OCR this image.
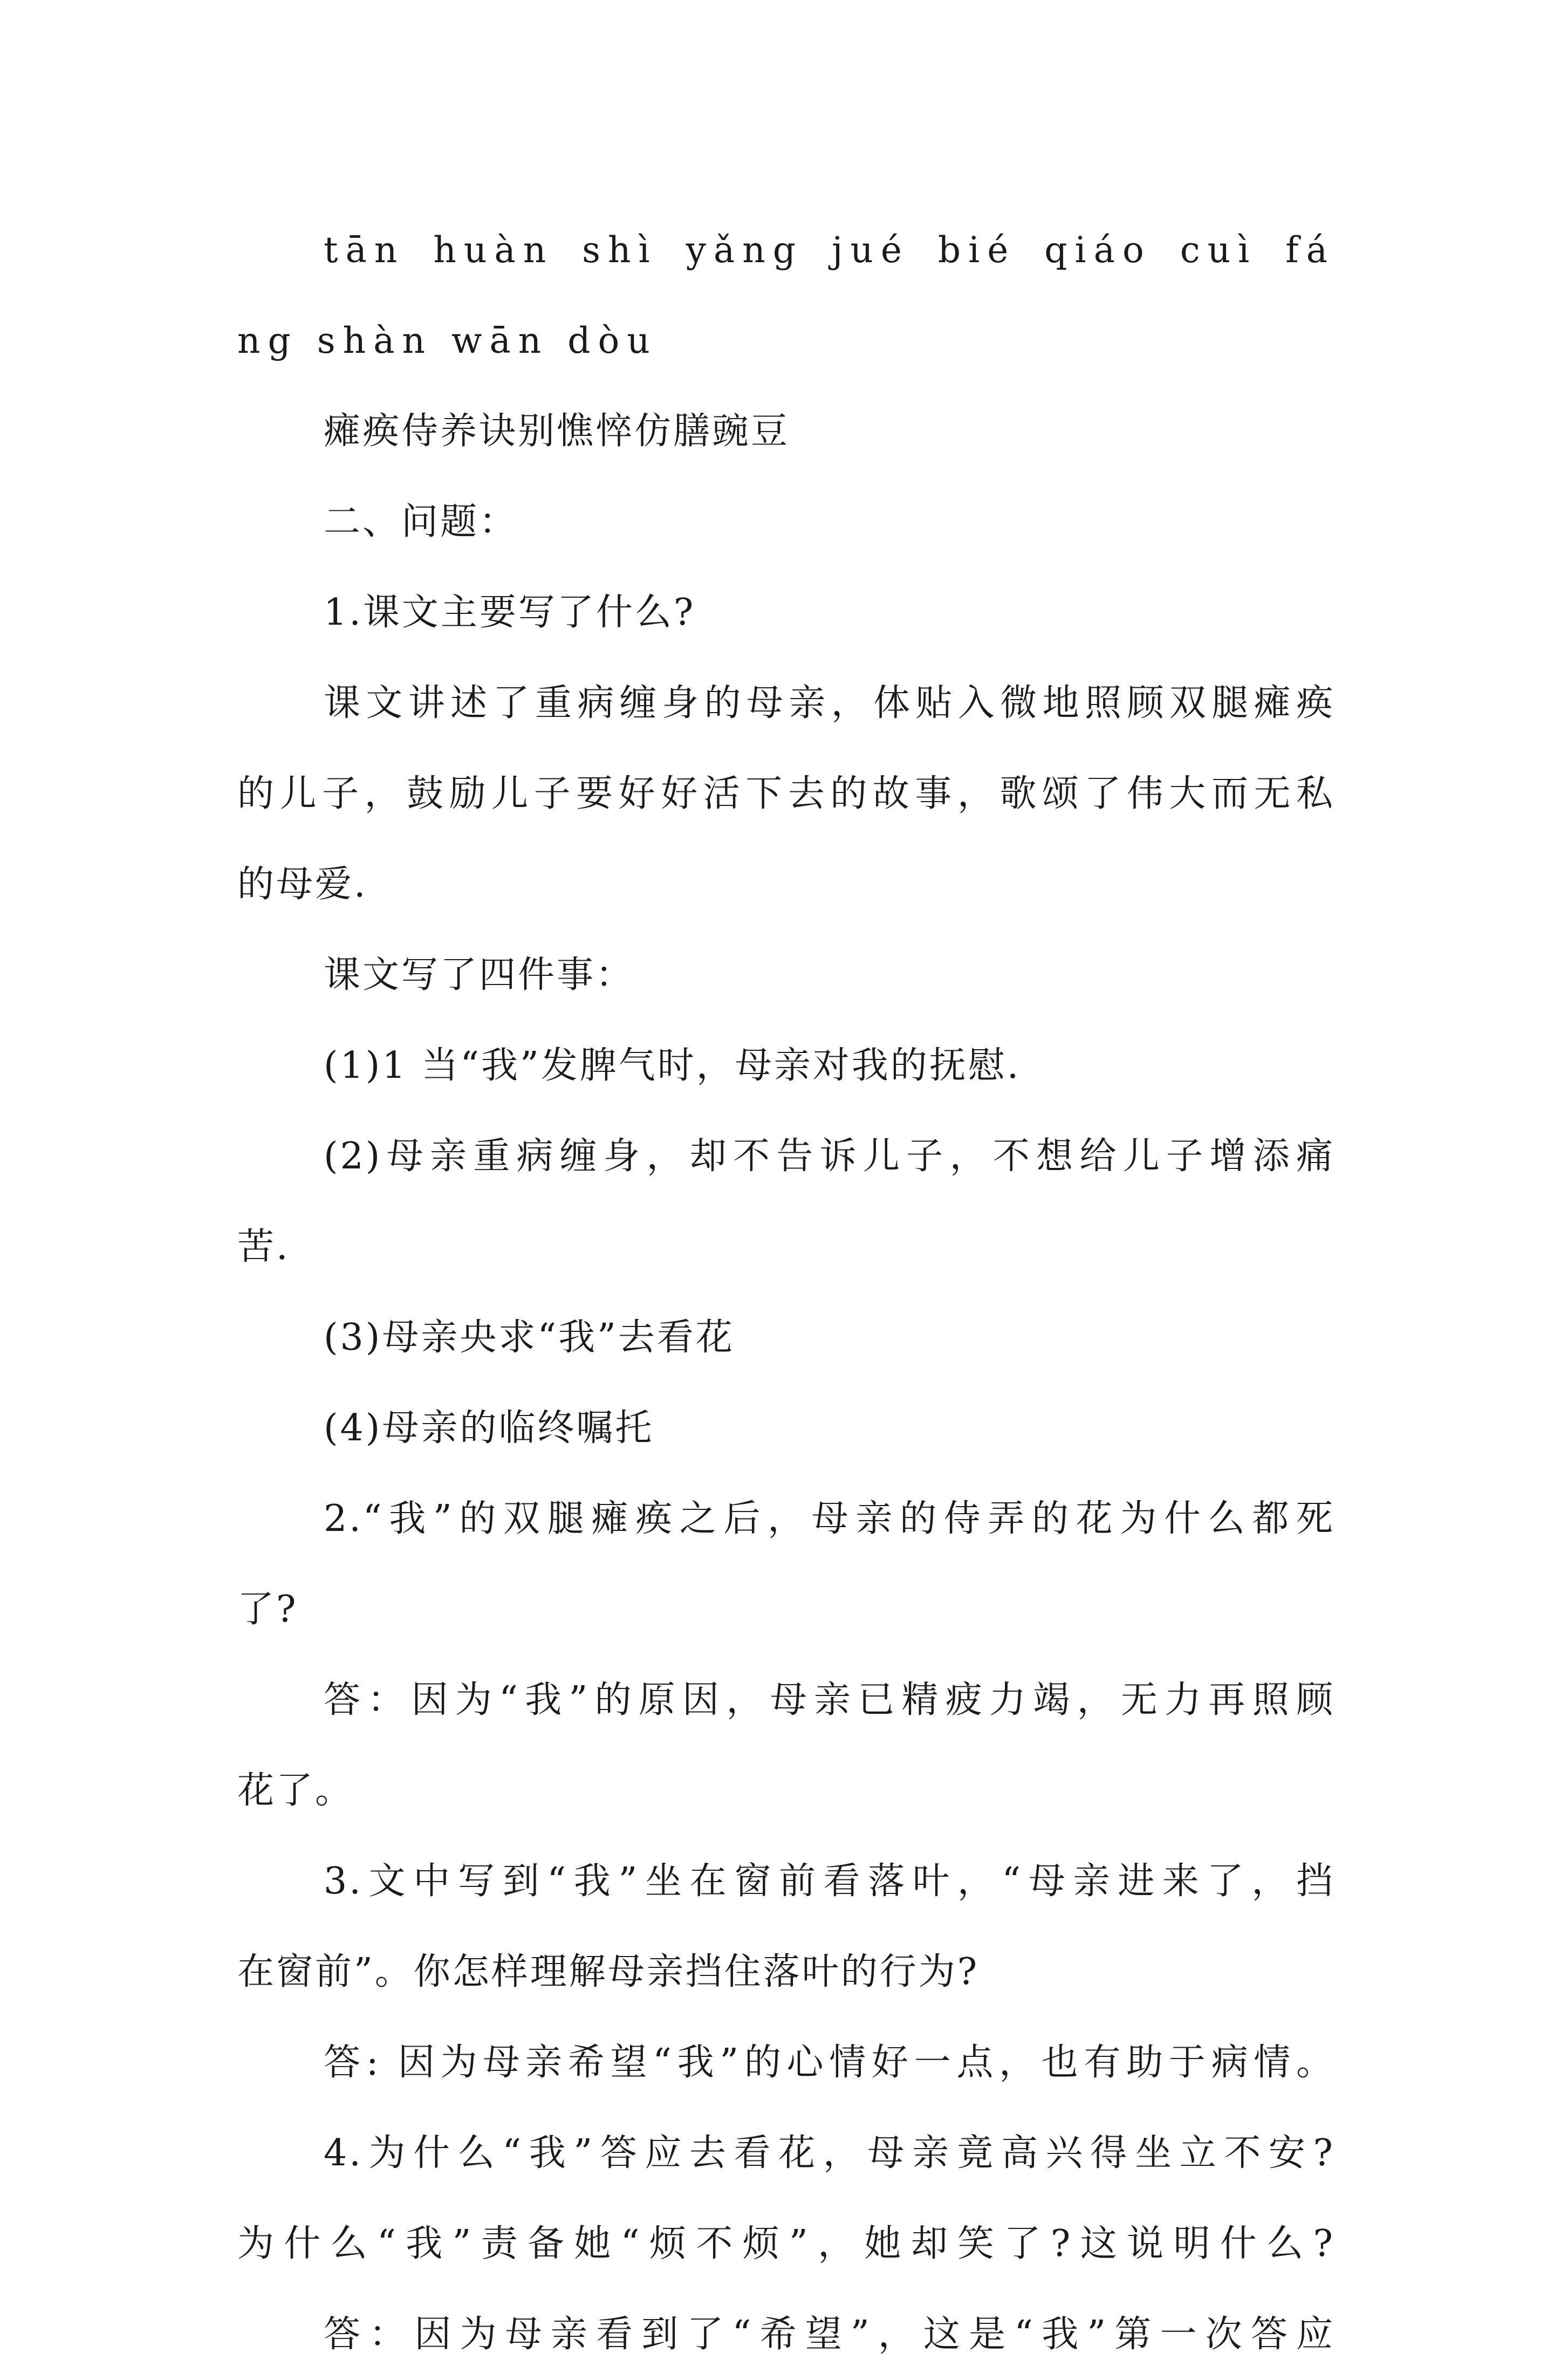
tān huàn shì yǎng jué bié qiáo cuì fá

ng shàn wān dòu

瘫痪侍养诀别憔悴仿膳豌豆

二、问题：

1.课文主要写了什么?

课文讲述了重病缠身的母亲，体贴入微地照顾双腿瘫痪

的儿子，鼓励儿子要好好活下去的故事，歌颂了伟大而无私

的母爱.

课文写了四件事：

(1)1 当“我”发脾气时，母亲对我的抚慰.

(2)母亲重病缠身，却不告诉儿子，不想给儿子增添痛

苦.

(3)母亲央求“我”去看花

(4)母亲的临终嘱托

2.“我”的双腿瘫痪之后，母亲的侍弄的花为什么都死

了?

答：因为“我”的原因，母亲已精疲力竭，无力再照顾

花了。

3.文中写到“我”坐在窗前看落叶，“母亲进来了，挡

在窗前”。你怎样理解母亲挡住落叶的行为?

答: 因为母亲希望“我”的心情好一点，也有助于病情。

4.为什么“我”答应去看花，母亲竟高兴得坐立不安?

为什么“我”责备她“烦不烦”，她却笑了?这说明什么?

答：因为母亲看到了“希望”，这是“我”第一次答应
